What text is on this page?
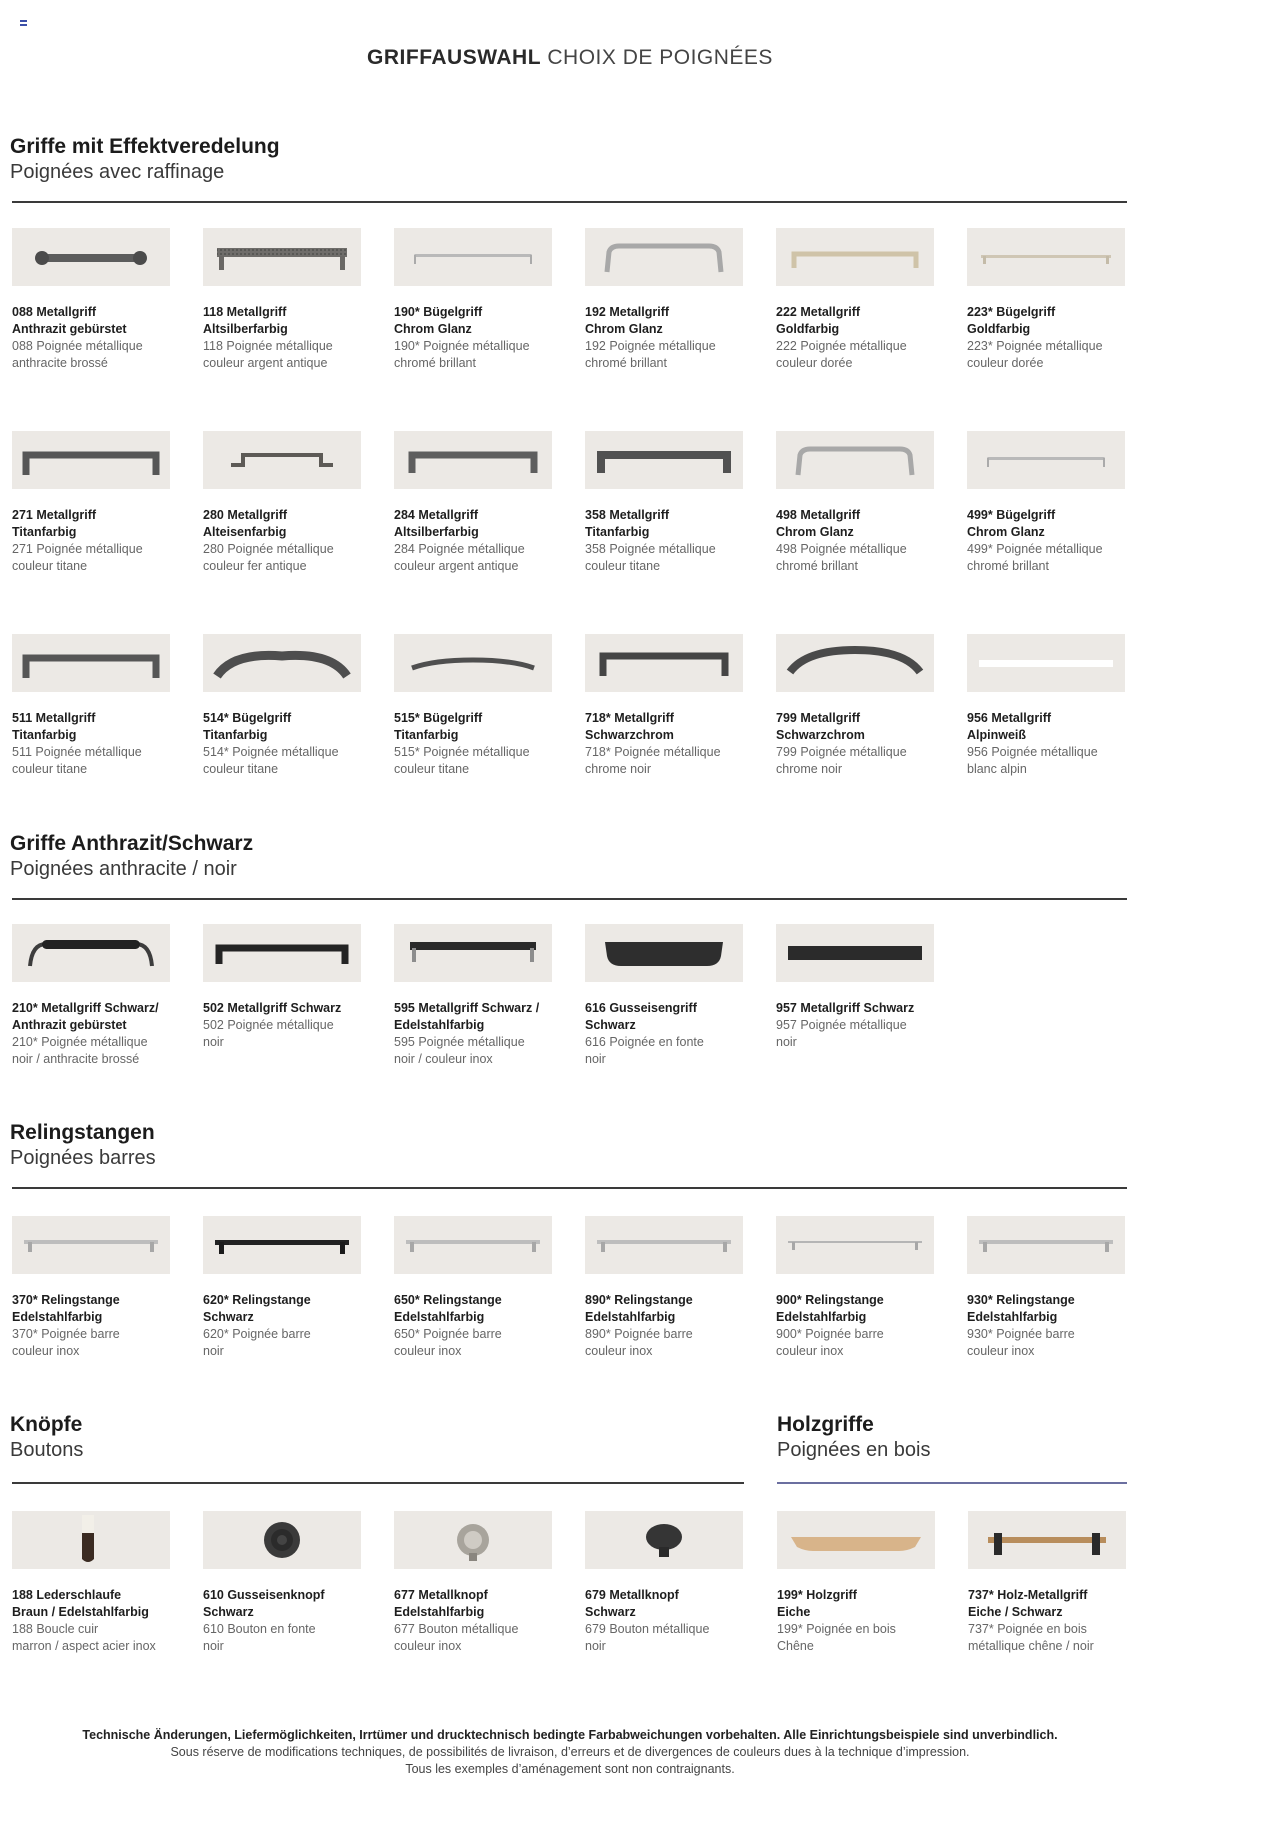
GRIFFAUSWAHL CHOIX DE POIGNÉES
Griffe mit Effektveredelung
Poignées avec raffinage
088 Metallgriff
Anthrazit gebürstet
088 Poignée métallique
anthracite brossé
118 Metallgriff
Altsilberfarbig
118 Poignée métallique
couleur argent antique
190* Bügelgriff
Chrom Glanz
190* Poignée métallique
chromé brillant
192 Metallgriff
Chrom Glanz
192 Poignée métallique
chromé brillant
222 Metallgriff
Goldfarbig
222 Poignée métallique
couleur dorée
223* Bügelgriff
Goldfarbig
223* Poignée métallique
couleur dorée
271 Metallgriff
Titanfarbig
271 Poignée métallique
couleur titane
280 Metallgriff
Alteisenfarbig
280 Poignée métallique
couleur fer antique
284 Metallgriff
Altsilberfarbig
284 Poignée métallique
couleur argent antique
358 Metallgriff
Titanfarbig
358 Poignée métallique
couleur titane
498 Metallgriff
Chrom Glanz
498 Poignée métallique
chromé brillant
499* Bügelgriff
Chrom Glanz
499* Poignée métallique
chromé brillant
511 Metallgriff
Titanfarbig
511 Poignée métallique
couleur titane
514* Bügelgriff
Titanfarbig
514* Poignée métallique
couleur titane
515* Bügelgriff
Titanfarbig
515* Poignée métallique
couleur titane
718* Metallgriff
Schwarzchrom
718* Poignée métallique
chrome noir
799 Metallgriff
Schwarzchrom
799 Poignée métallique
chrome noir
956 Metallgriff
Alpinweiß
956 Poignée métallique
blanc alpin
Griffe Anthrazit/Schwarz
Poignées anthracite / noir
210* Metallgriff Schwarz/
Anthrazit gebürstet
210* Poignée métallique
noir / anthracite brossé
502 Metallgriff Schwarz
502 Poignée métallique
noir
595 Metallgriff Schwarz /
Edelstahlfarbig
595 Poignée métallique
noir / couleur inox
616 Gusseisengriff
Schwarz
616 Poignée en fonte
noir
957 Metallgriff Schwarz
957 Poignée métallique
noir
Relingstangen
Poignées barres
370* Relingstange
Edelstahlfarbig
370* Poignée barre
couleur inox
620* Relingstange
Schwarz
620* Poignée barre
noir
650* Relingstange
Edelstahlfarbig
650* Poignée barre
couleur inox
890* Relingstange
Edelstahlfarbig
890* Poignée barre
couleur inox
900* Relingstange
Edelstahlfarbig
900* Poignée barre
couleur inox
930* Relingstange
Edelstahlfarbig
930* Poignée barre
couleur inox
Knöpfe
Boutons
Holzgriffe
Poignées en bois
188 Lederschlaufe
Braun / Edelstahlfarbig
188 Boucle cuir
marron / aspect acier inox
610 Gusseisenknopf
Schwarz
610 Bouton en fonte
noir
677 Metallknopf
Edelstahlfarbig
677 Bouton métallique
couleur inox
679 Metallknopf
Schwarz
679 Bouton métallique
noir
199* Holzgriff
Eiche
199* Poignée en bois
Chêne
737* Holz-Metallgriff
Eiche / Schwarz
737* Poignée en bois
métallique chêne / noir
Technische Änderungen, Liefermöglichkeiten, Irrtümer und drucktechnisch bedingte Farbabweichungen vorbehalten. Alle Einrichtungsbeispiele sind unverbindlich.
Sous réserve de modifications techniques, de possibilités de livraison, d’erreurs et de divergences de couleurs dues à la technique d’impression.
Tous les exemples d’aménagement sont non contraignants.
